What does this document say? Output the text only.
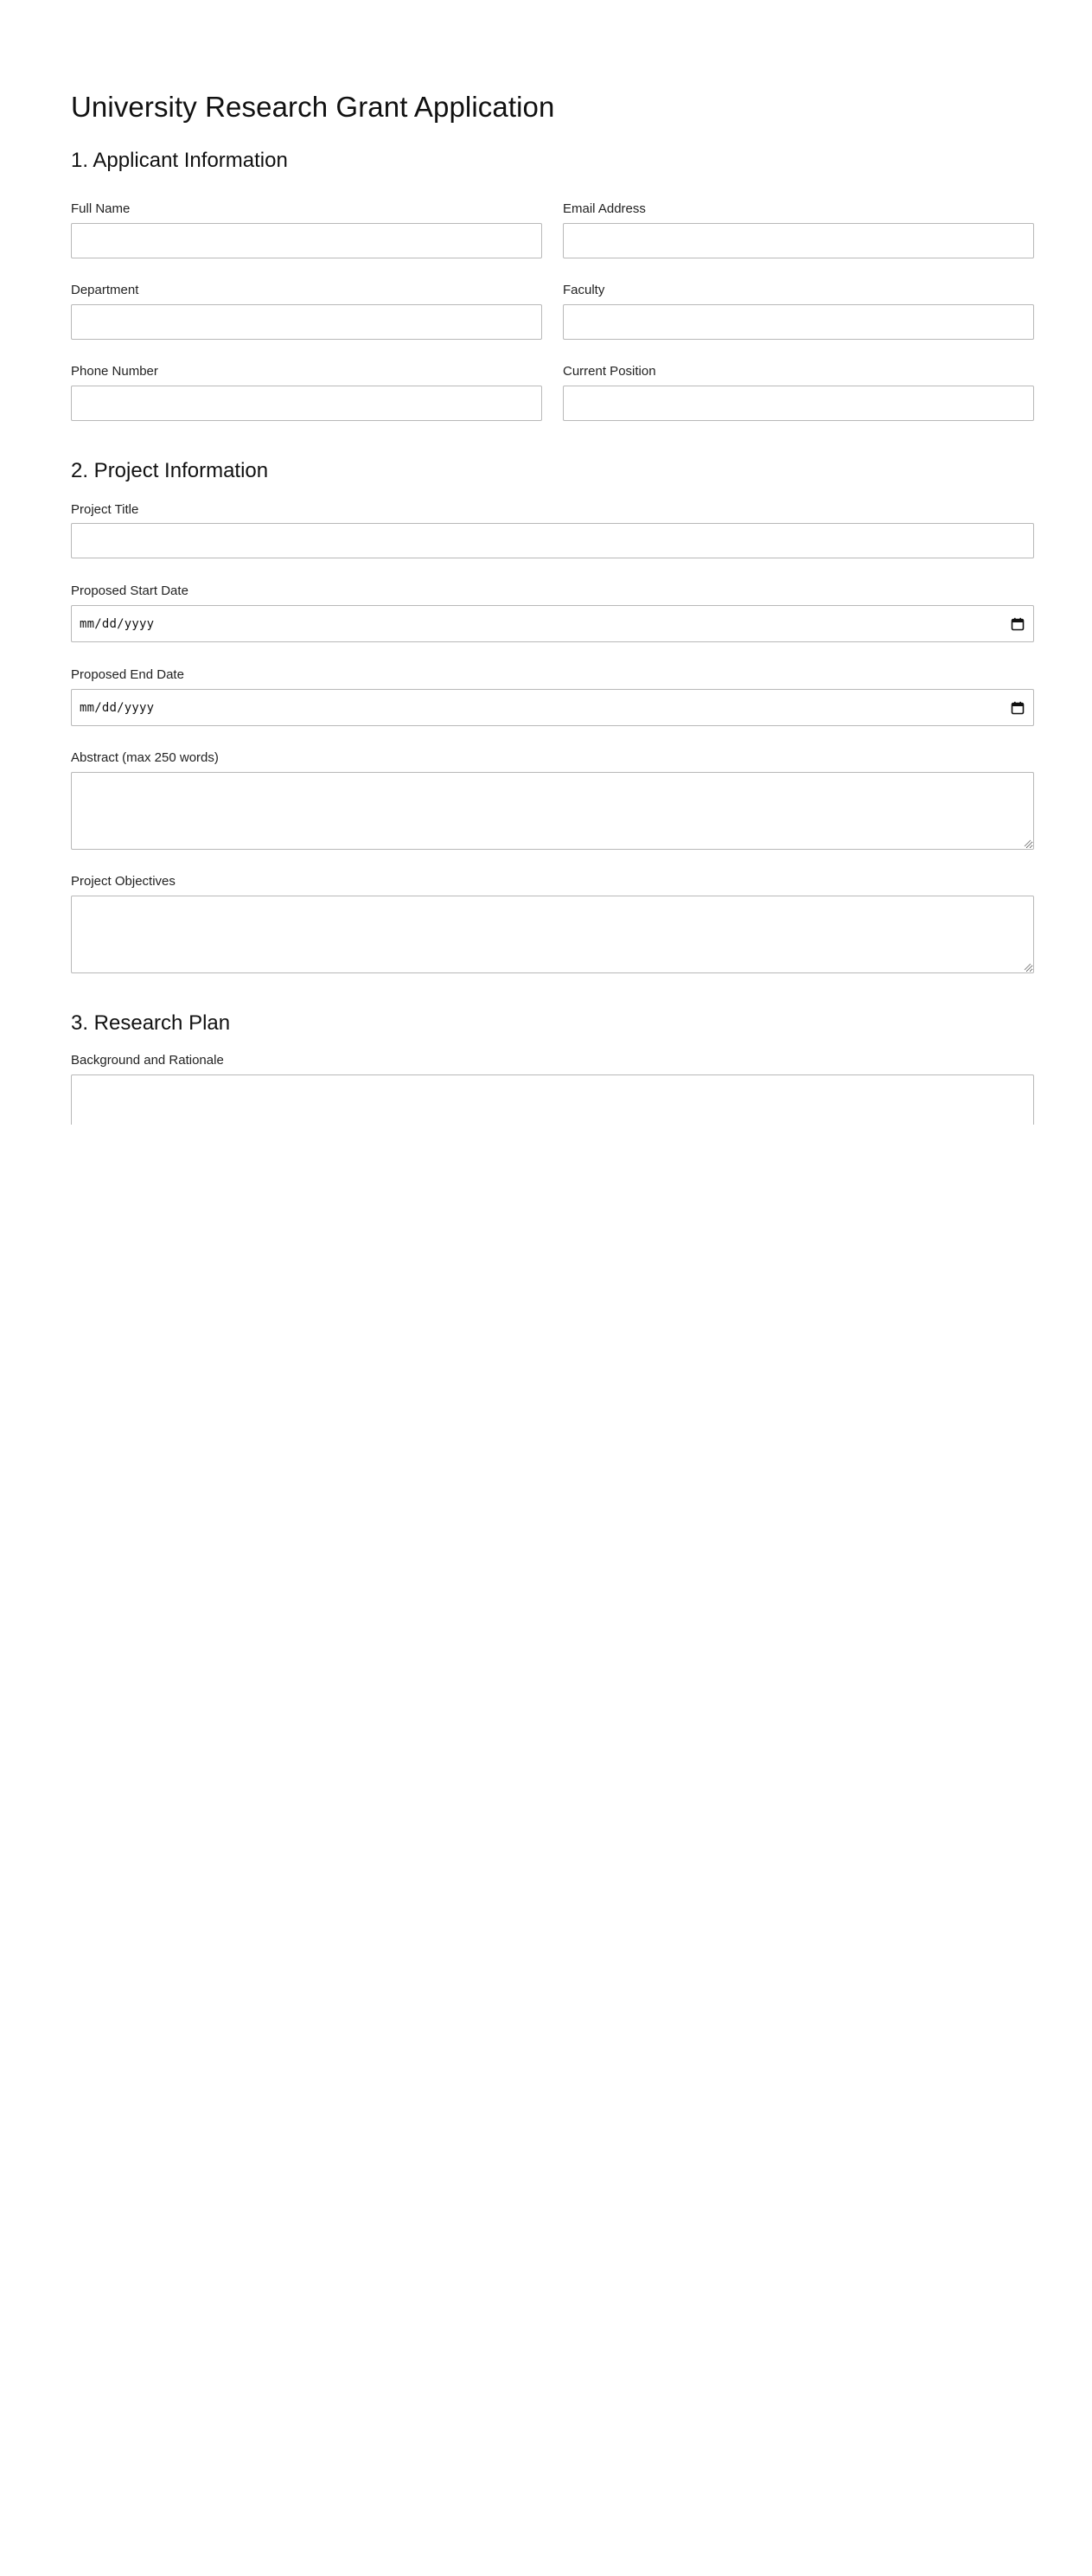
University Research Grant Application
1. Applicant Information
Full Name	Email Address
Department	Faculty
Phone Number	Current Position
2. Project Information
Project Title
Proposed Start Date
mm/dd/yyyy
Proposed End Date
mm/dd/yyyy
Abstract (max 250 words)
Project Objectives
3. Research Plan
Background and Rationale
